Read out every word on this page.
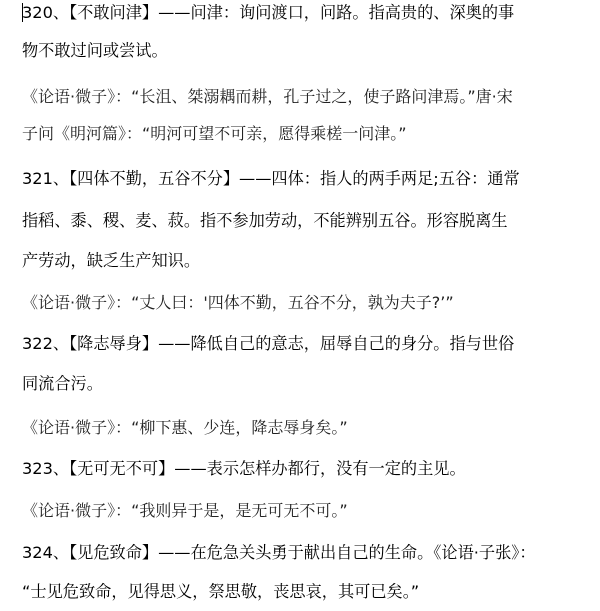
320、【不敢问津】——问津：询问渡口，问路。指高贵的、深奥的事
物不敢过问或尝试。
《论语·微子》：“长沮、桀溺耦而耕，孔子过之，使子路问津焉。”唐·宋
子问《明河篇》：“明河可望不可亲，愿得乘槎一问津。”
321、【四体不勤，五谷不分】——四体：指人的两手两足;五谷：通常
指稻、黍、稷、麦、菽。指不参加劳动，不能辨别五谷。形容脱离生
产劳动，缺乏生产知识。
《论语·微子》：“丈人曰：'四体不勤，五谷不分，孰为夫子?’”
322、【降志辱身】——降低自己的意志，屈辱自己的身分。指与世俗
同流合污。
《论语·微子》：“柳下惠、少连，降志辱身矣。”
323、【无可无不可】——表示怎样办都行，没有一定的主见。
《论语·微子》：“我则异于是，是无可无不可。”
324、【见危致命】——在危急关头勇于献出自己的生命。《论语·子张》：
“士见危致命，见得思义，祭思敬，丧思哀，其可已矣。”
